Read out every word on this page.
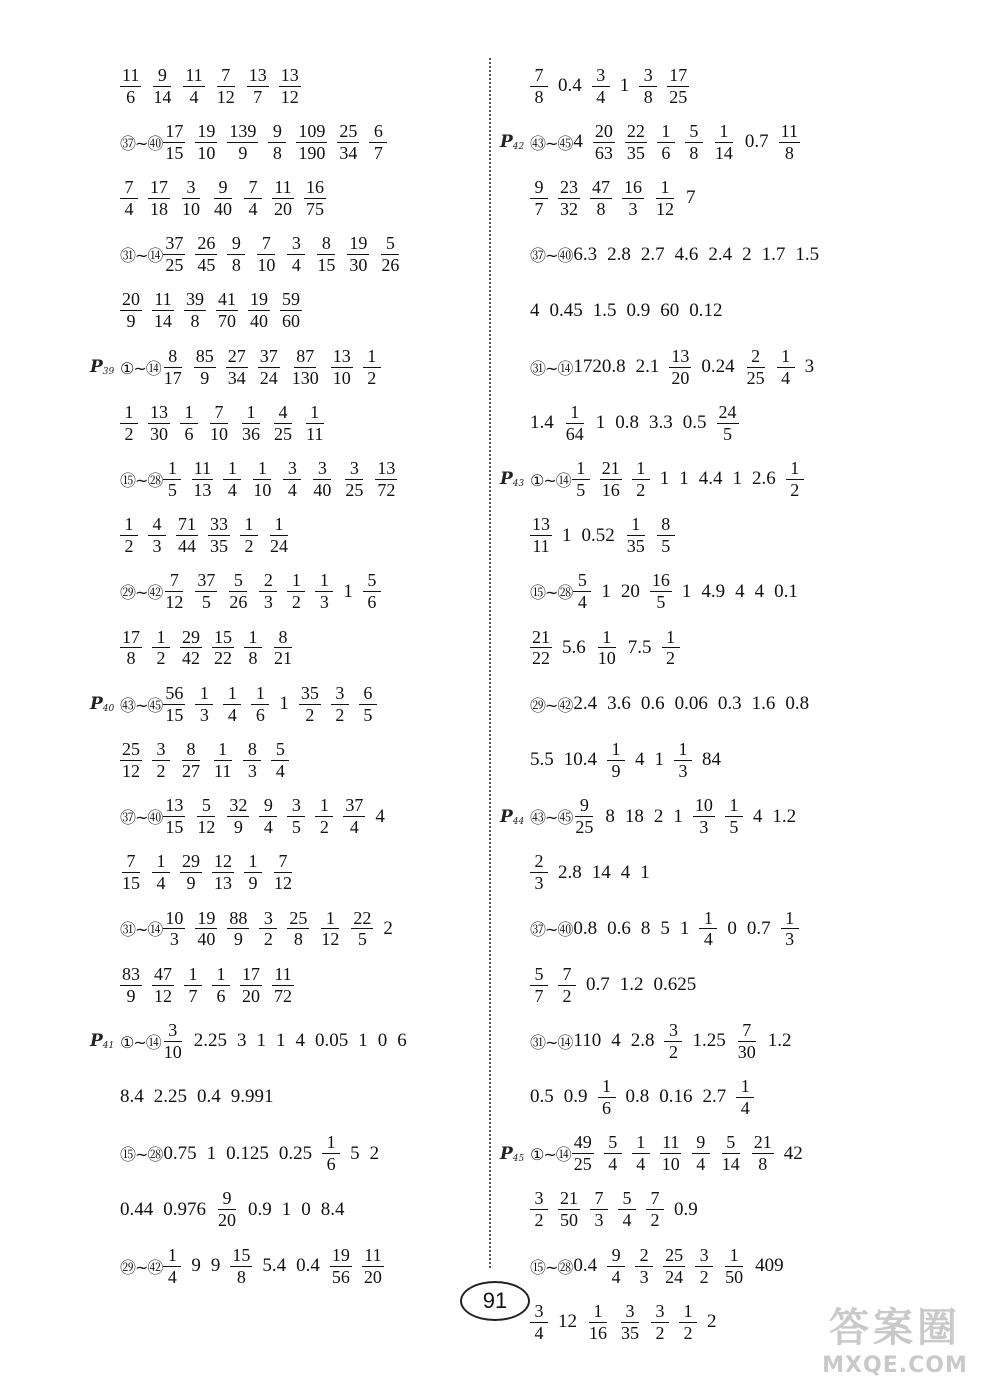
$\frac{11}{6} \frac{9}{14} \frac{11}{4} \frac{7}{12} \frac{13}{7} \frac{13}{12}$
㊲~㊵ $\frac{17}{15} \frac{19}{10} \frac{139}{9} \frac{9}{8} \frac{109}{190} \frac{25}{34} \frac{6}{7}$
$\frac{7}{4} \frac{17}{18} \frac{3}{10} \frac{9}{40} \frac{7}{4} \frac{11}{20} \frac{16}{75}$
㉛~⑭ $\frac{37}{25} \frac{26}{45} \frac{9}{8} \frac{7}{10} \frac{3}{4} \frac{8}{15} \frac{19}{30} \frac{5}{26}$
$\frac{20}{9} \frac{11}{14} \frac{39}{8} \frac{41}{70} \frac{19}{40} \frac{59}{60}$
P 39 ①~⑭ $\frac{8}{17} \frac{85}{9} \frac{27}{34} \frac{37}{24} \frac{87}{130} \frac{13}{10} \frac{1}{2}$
$\frac{1}{2} \frac{13}{30} \frac{1}{6} \frac{7}{10} \frac{1}{36} \frac{4}{25} \frac{1}{11}$
⑮~㉘ $\frac{1}{5} \frac{11}{13} \frac{1}{4} \frac{1}{10} \frac{3}{4} \frac{3}{40} \frac{3}{25} \frac{13}{72}$
$\frac{1}{2} \frac{4}{3} \frac{71}{44} \frac{33}{35} \frac{1}{2} \frac{1}{24}$
㉙~㊷ $\frac{7}{12} \frac{37}{5} \frac{5}{26} \frac{2}{3} \frac{1}{2} \frac{1}{3} 1 \frac{5}{6}$
$\frac{17}{8} \frac{1}{2} \frac{29}{42} \frac{15}{22} \frac{1}{8} \frac{8}{21}$
P 40 ㊸~㊺ $\frac{56}{15} \frac{1}{3} \frac{1}{4} \frac{1}{6} 1 \frac{35}{2} \frac{3}{2} \frac{6}{5}$
$\frac{25}{12} \frac{3}{2} \frac{8}{27} \frac{1}{11} \frac{8}{3} \frac{5}{4}$
㊲~㊵ $\frac{13}{15} \frac{5}{12} \frac{32}{9} \frac{9}{4} \frac{3}{5} \frac{1}{2} \frac{37}{4} 4$
$\frac{7}{15} \frac{1}{4} \frac{29}{9} \frac{12}{13} \frac{1}{9} \frac{7}{12}$
㉛~⑭ $\frac{10}{3} \frac{19}{40} \frac{88}{9} \frac{3}{2} \frac{25}{8} \frac{1}{12} \frac{22}{5} 2$
$\frac{83}{9} \frac{47}{12} \frac{1}{7} \frac{1}{6} \frac{17}{20} \frac{11}{72}$
P 41 ①~⑭ $\frac{3}{10} 2.25$ 3 1 1 4 0.05 1 0 6
8.4 2.25 0.4 9.991
⑮~㉘ 0.75 1 0.125 $0.25 \frac{1}{6} 5$ 2
0.44 $0.976 \frac{9}{20} 0.9$ 1 0 8.4
㉙~㊷ $\frac{1}{4} 9$ $9 \frac{15}{8} 5.4$ $0.4 \frac{19}{56} \frac{11}{20}$
$\frac{7}{8} 0.4 \frac{3}{4} 1 \frac{3}{8} \frac{17}{25}$
P 42 ㊸~㊺ $4 \frac{20}{63} \frac{22}{35} \frac{1}{6} \frac{5}{8} \frac{1}{14} 0.7 \frac{11}{8}$
$\frac{9}{7} \frac{23}{32} \frac{47}{8} \frac{16}{3} \frac{1}{12} 7$
㊲~㊵ 6.3 2.8 2.7 4.6 2.4 2 1.7 1.5
4 0.45 1.5 0.9 60 0.12
㉛~⑭ 1720.8 $2.1 \frac{13}{20} 0.24 \frac{2}{25} \frac{1}{4} 3$
$1.4 \frac{1}{64} 1$ 0.8 3.3 $0.5 \frac{24}{5}$
P 43 ①~⑭ $\frac{1}{5} \frac{21}{16} \frac{1}{2} 1$ 1 4.4 1 $2.6 \frac{1}{2}$
$\frac{13}{11} 1$ $0.52 \frac{1}{35} \frac{8}{5}$
⑮~㉘ $\frac{5}{4} 1$ $20 \frac{16}{5} 1$ 4.9 4 4 0.1
$\frac{21}{22} 5.6 \frac{1}{10} 7.5 \frac{1}{2}$
㉙~㊷ 2.4 3.6 0.6 0.06 0.3 1.6 0.8
5.5 $10.4 \frac{1}{9} 4$ $1 \frac{1}{3} 84$
P 44 ㊸~㊺ $\frac{9}{25} 8$ 18 2 $1 \frac{10}{3} \frac{1}{5} 4$ 1.2
$\frac{2}{3} 2.8$ 14 4 1
㊲~㊵ 0.8 0.6 8 5 $1 \frac{1}{4} 0$ $0.7 \frac{1}{3}$
$\frac{5}{7} \frac{7}{2} 0.7$ 1.2 0.625
㉛~⑭ 110 4 $2.8 \frac{3}{2} 1.25 \frac{7}{30} 1.2$
0.5 $0.9 \frac{1}{6} 0.8$ 0.16 $2.7 \frac{1}{4}$
P 45 ①~⑭ $\frac{49}{25} \frac{5}{4} \frac{1}{4} \frac{11}{10} \frac{9}{4} \frac{5}{14} \frac{21}{8} 42$
$\frac{3}{2} \frac{21}{50} \frac{7}{3} \frac{5}{4} \frac{7}{2} 0.9$
⑮~㉘ $0.4 \frac{9}{4} \frac{2}{3} \frac{25}{24} \frac{3}{2} \frac{1}{50} 409$
$\frac{3}{4} 12 \frac{1}{16} \frac{3}{35} \frac{3}{2} \frac{1}{2} 2$
91
答案圈
MXQE.COM
